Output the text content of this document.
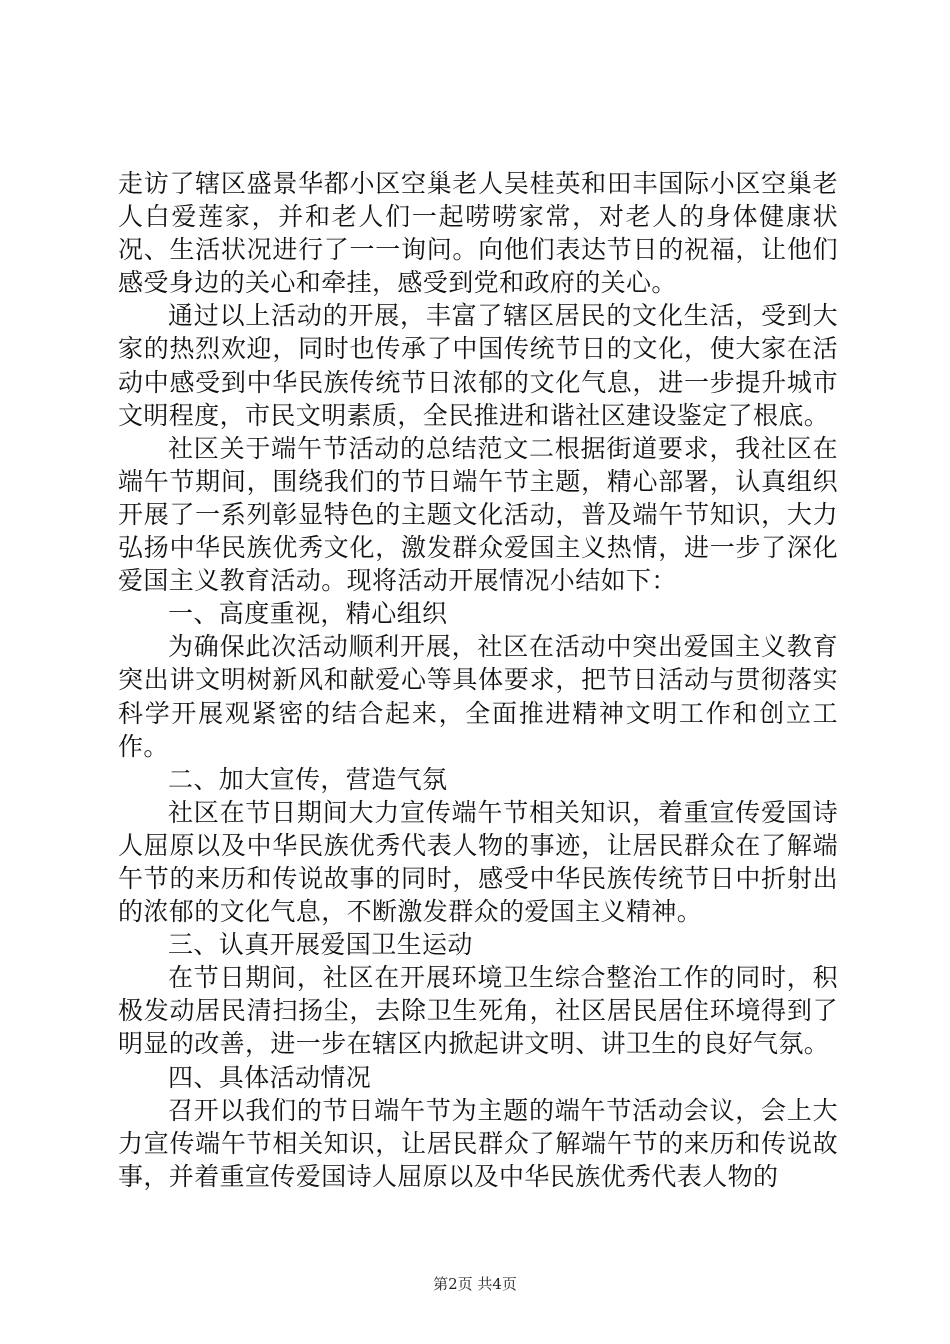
走访了辖区盛景华都小区空巢老人吴桂英和田丰国际小区空巢老人白爱莲家，并和老人们一起唠唠家常，对老人的身体健康状况、生活状况进行了一一询问。向他们表达节日的祝福，让他们感受身边的关心和牵挂，感受到党和政府的关心。

通过以上活动的开展，丰富了辖区居民的文化生活，受到大家的热烈欢迎，同时也传承了中国传统节日的文化，使大家在活动中感受到中华民族传统节日浓郁的文化气息，进一步提升城市文明程度，市民文明素质，全民推进和谐社区建设鉴定了根底。

社区关于端午节活动的总结范文二根据街道要求，我社区在端午节期间，围绕我们的节日端午节主题，精心部署，认真组织开展了一系列彰显特色的主题文化活动，普及端午节知识，大力弘扬中华民族优秀文化，激发群众爱国主义热情，进一步了深化爱国主义教育活动。现将活动开展情况小结如下：

一、高度重视，精心组织

为确保此次活动顺利开展，社区在活动中突出爱国主义教育突出讲文明树新风和献爱心等具体要求，把节日活动与贯彻落实科学开展观紧密的结合起来，全面推进精神文明工作和创立工作。

二、加大宣传，营造气氛

社区在节日期间大力宣传端午节相关知识，着重宣传爱国诗人屈原以及中华民族优秀代表人物的事迹，让居民群众在了解端午节的来历和传说故事的同时，感受中华民族传统节日中折射出的浓郁的文化气息，不断激发群众的爱国主义精神。

三、认真开展爱国卫生运动

在节日期间，社区在开展环境卫生综合整治工作的同时，积极发动居民清扫扬尘，去除卫生死角，社区居民居住环境得到了明显的改善，进一步在辖区内掀起讲文明、讲卫生的良好气氛。

四、具体活动情况

召开以我们的节日端午节为主题的端午节活动会议，会上大力宣传端午节相关知识，让居民群众了解端午节的来历和传说故事，并着重宣传爱国诗人屈原以及中华民族优秀代表人物的

第2页 共4页
